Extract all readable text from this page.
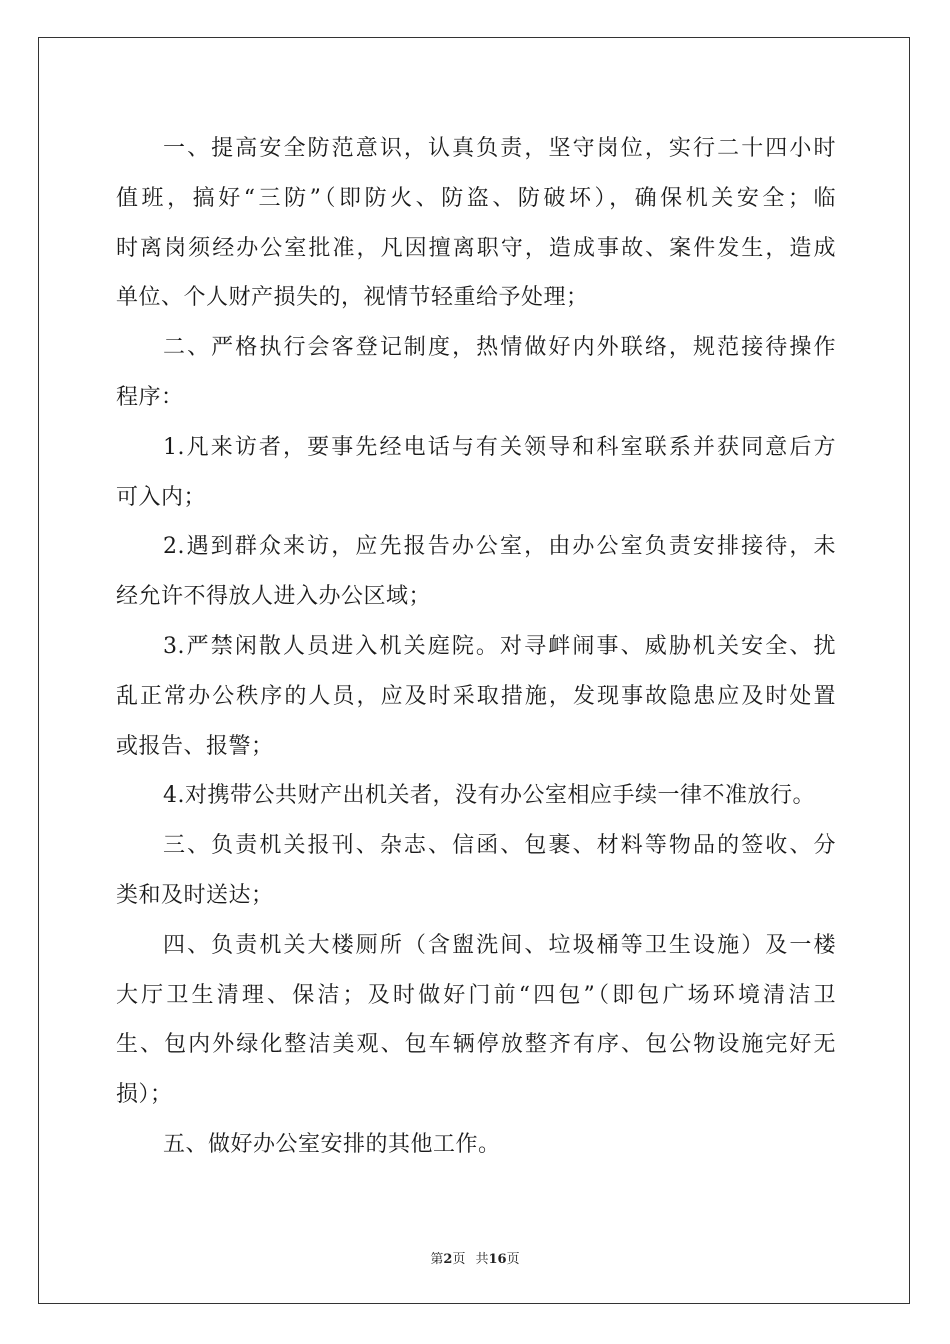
一、提高安全防范意识，认真负责，坚守岗位，实行二十四小时
值班，搞好“三防”（即防火、防盗、防破坏），确保机关安全；临
时离岗须经办公室批准，凡因擅离职守，造成事故、案件发生，造成
单位、个人财产损失的，视情节轻重给予处理；
二、严格执行会客登记制度，热情做好内外联络，规范接待操作
程序：
1.凡来访者，要事先经电话与有关领导和科室联系并获同意后方
可入内；
2.遇到群众来访，应先报告办公室，由办公室负责安排接待，未
经允许不得放人进入办公区域；
3.严禁闲散人员进入机关庭院。对寻衅闹事、威胁机关安全、扰
乱正常办公秩序的人员，应及时采取措施，发现事故隐患应及时处置
或报告、报警；
4.对携带公共财产出机关者，没有办公室相应手续一律不准放行。
三、负责机关报刊、杂志、信函、包裹、材料等物品的签收、分
类和及时送达；
四、负责机关大楼厕所（含盥洗间、垃圾桶等卫生设施）及一楼
大厅卫生清理、保洁；及时做好门前“四包”（即包广场环境清洁卫
生、包内外绿化整洁美观、包车辆停放整齐有序、包公物设施完好无
损）；
五、做好办公室安排的其他工作。
第2页 共16页
